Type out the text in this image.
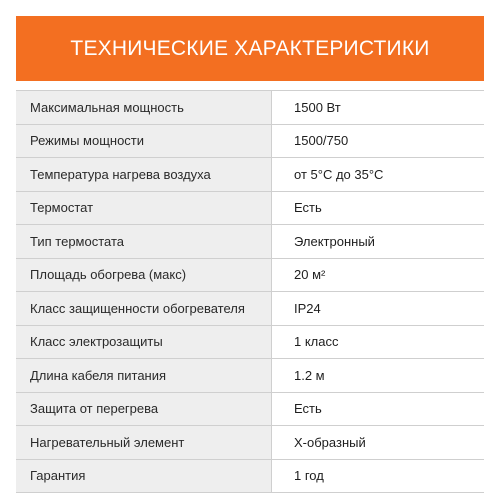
ТЕХНИЧЕСКИЕ ХАРАКТЕРИСТИКИ
Максимальная мощность	1500 Вт
Режимы мощности	1500/750
Температура нагрева воздуха	от 5°С до 35°С
Термостат	Есть
Тип термостата	Электронный
Площадь обогрева (макс)	20 м²
Класс защищенности обогревателя	IP24
Класс электрозащиты	1 класс
Длина кабеля питания	1.2 м
Защита от перегрева	Есть
Нагревательный элемент	Х-образный
Гарантия	1 год
